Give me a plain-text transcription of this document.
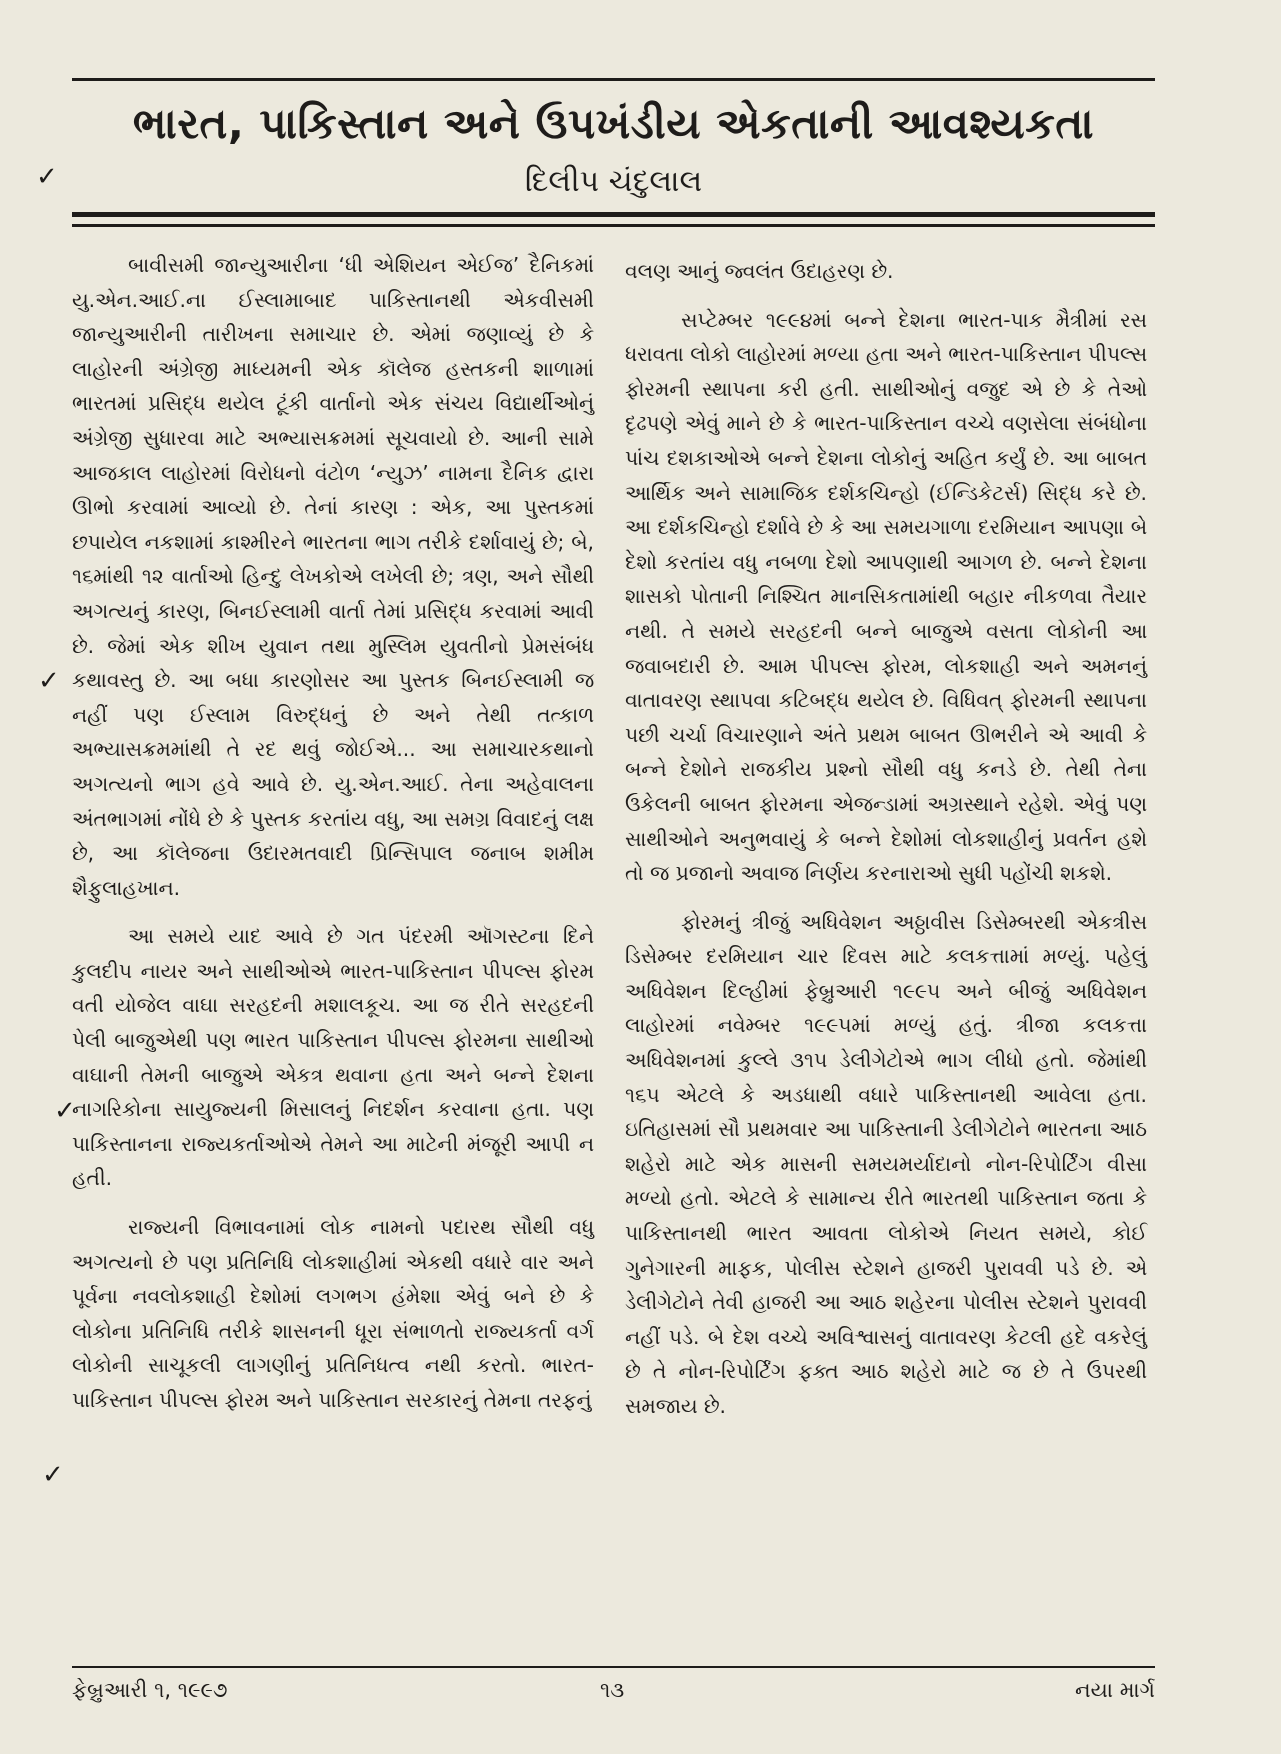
ભારત, પાકિસ્તાન અને ઉપખંડીય એકતાની આવશ્યકતા

દિલીપ ચંદુલાલ

✓
✓
✓
✓

બાવીસમી જાન્યુઆરીના ‘ધી એશિયન એઈજ’ દૈનિકમાં યુ.એન.આઈ.ના ઈસ્લામાબાદ પાકિસ્તાનથી એકવીસમી જાન્યુઆરીની તારીખના સમાચાર છે. એમાં જણાવ્યું છે કે લાહોરની અંગ્રેજી માધ્યમની એક કૉલેજ હસ્તકની શાળામાં ભારતમાં પ્રસિદ્ધ થયેલ ટૂંકી વાર્તાનો એક સંચય વિદ્યાર્થીઓનું અંગ્રેજી સુધારવા માટે અભ્યાસક્રમમાં સૂચવાયો છે. આની સામે આજકાલ લાહોરમાં વિરોધનો વંટોળ ‘ન્યુઝ’ નામના દૈનિક દ્વારા ઊભો કરવામાં આવ્યો છે. તેનાં કારણ : એક, આ પુસ્તકમાં છપાયેલ નકશામાં કાશ્મીરને ભારતના ભાગ તરીકે દર્શાવાયું છે; બે, ૧૬માંથી ૧૨ વાર્તાઓ હિન્દુ લેખકોએ લખેલી છે; ત્રણ, અને સૌથી અગત્યનું કારણ, બિનઈસ્લામી વાર્તા તેમાં પ્રસિદ્ધ કરવામાં આવી છે. જેમાં એક શીખ યુવાન તથા મુસ્લિમ યુવતીનો પ્રેમસંબંધ કથાવસ્તુ છે. આ બધા કારણોસર આ પુસ્તક બિનઈસ્લામી જ નહીં પણ ઈસ્લામ વિરુદ્ધનું છે અને તેથી તત્કાળ અભ્યાસક્રમમાંથી તે રદ થવું જોઈએ... આ સમાચારકથાનો અગત્યનો ભાગ હવે આવે છે. યુ.એન.આઈ. તેના અહેવાલના અંતભાગમાં નોંધે છે કે પુસ્તક કરતાંય વધુ, આ સમગ્ર વિવાદનું લક્ષ છે, આ કૉલેજના ઉદારમતવાદી પ્રિન્સિપાલ જનાબ શમીમ શૈફુલાહખાન.

આ સમયે યાદ આવે છે ગત પંદરમી ઑગસ્ટના દિને કુલદીપ નાયર અને સાથીઓએ ભારત-પાકિસ્તાન પીપલ્સ ફોરમ વતી યોજેલ વાઘા સરહદની મશાલકૂચ. આ જ રીતે સરહદની પેલી બાજુએથી પણ ભારત પાકિસ્તાન પીપલ્સ ફોરમના સાથીઓ વાઘાની તેમની બાજુએ એકત્ર થવાના હતા અને બન્ને દેશના નાગરિકોના સાયુજ્યની મિસાલનું નિદર્શન કરવાના હતા. પણ પાકિસ્તાનના રાજ્યકર્તાઓએ તેમને આ માટેની મંજૂરી આપી ન હતી.

રાજ્યની વિભાવનામાં લોક નામનો પદારથ સૌથી વધુ અગત્યનો છે પણ પ્રતિનિધિ લોકશાહીમાં એકથી વધારે વાર અને પૂર્વના નવલોકશાહી દેશોમાં લગભગ હંમેશા એવું બને છે કે લોકોના પ્રતિનિધિ તરીકે શાસનની ધૂરા સંભાળતો રાજ્યકર્તા વર્ગ લોકોની સાચૂકલી લાગણીનું પ્રતિનિધત્વ નથી કરતો. ભારત-પાકિસ્તાન પીપલ્સ ફોરમ અને પાકિસ્તાન સરકારનું તેમના તરફનું

વલણ આનું જ્વલંત ઉદાહરણ છે.

સપ્ટેમ્બર ૧૯૯૪માં બન્ને દેશના ભારત-પાક મૈત્રીમાં રસ ધરાવતા લોકો લાહોરમાં મળ્યા હતા અને ભારત-પાકિસ્તાન પીપલ્સ ફોરમની સ્થાપના કરી હતી. સાથીઓનું વજુદ એ છે કે તેઓ દૃઢપણે એવું માને છે કે ભારત-પાકિસ્તાન વચ્ચે વણસેલા સંબંધોના પાંચ દશકાઓએ બન્ને દેશના લોકોનું અહિત કર્યું છે. આ બાબત આર્થિક અને સામાજિક દર્શકચિન્હો (ઈન્ડિકેટર્સ) સિદ્ધ કરે છે. આ દર્શકચિન્હો દર્શાવે છે કે આ સમયગાળા દરમિયાન આપણા બે દેશો કરતાંય વધુ નબળા દેશો આપણાથી આગળ છે. બન્ને દેશના શાસકો પોતાની નિશ્ચિત માનસિકતામાંથી બહાર નીકળવા તૈયાર નથી. તે સમયે સરહદની બન્ને બાજુએ વસતા લોકોની આ જવાબદારી છે. આમ પીપલ્સ ફોરમ, લોકશાહી અને અમનનું વાતાવરણ સ્થાપવા કટિબદ્ધ થયેલ છે. વિધિવત્ ફોરમની સ્થાપના પછી ચર્ચા વિચારણાને અંતે પ્રથમ બાબત ઊભરીને એ આવી કે બન્ને દેશોને રાજકીય પ્રશ્નો સૌથી વધુ કનડે છે. તેથી તેના ઉકેલની બાબત ફોરમના એજન્ડામાં અગ્રસ્થાને રહેશે. એવું પણ સાથીઓને અનુભવાયું કે બન્ને દેશોમાં લોકશાહીનું પ્રવર્તન હશે તો જ પ્રજાનો અવાજ નિર્ણય કરનારાઓ સુધી પહોંચી શકશે.

ફોરમનું ત્રીજું અધિવેશન અઠ્ઠાવીસ ડિસેમ્બરથી એકત્રીસ ડિસેમ્બર દરમિયાન ચાર દિવસ માટે કલકત્તામાં મળ્યું. પહેલું અધિવેશન દિલ્હીમાં ફેબ્રુઆરી ૧૯૯૫ અને બીજું અધિવેશન લાહોરમાં નવેમ્બર ૧૯૯૫માં મળ્યું હતું. ત્રીજા કલકત્તા અધિવેશનમાં કુલ્લે ૩૧૫ ડેલીગેટોએ ભાગ લીધો હતો. જેમાંથી ૧૬૫ એટલે કે અડધાથી વધારે પાકિસ્તાનથી આવેલા હતા. ઇતિહાસમાં સૌ પ્રથમવાર આ પાકિસ્તાની ડેલીગેટોને ભારતના આઠ શહેરો માટે એક માસની સમયમર્યાદાનો નોન-રિપોર્ટિંગ વીસા મળ્યો હતો. એટલે કે સામાન્ય રીતે ભારતથી પાકિસ્તાન જતા કે પાકિસ્તાનથી ભારત આવતા લોકોએ નિયત સમયે, કોઈ ગુનેગારની માફક, પોલીસ સ્ટેશને હાજરી પુરાવવી પડે છે. એ ડેલીગેટોને તેવી હાજરી આ આઠ શહેરના પોલીસ સ્ટેશને પુરાવવી નહીં પડે. બે દેશ વચ્ચે અવિશ્વાસનું વાતાવરણ કેટલી હદે વકરેલું છે તે નોન-રિપોર્ટિંગ ફક્ત આઠ શહેરો માટે જ છે તે ઉપરથી સમજાય છે.

ફેબ્રુઆરી ૧, ૧૯૯૭	૧૩	નયા માર્ગ
